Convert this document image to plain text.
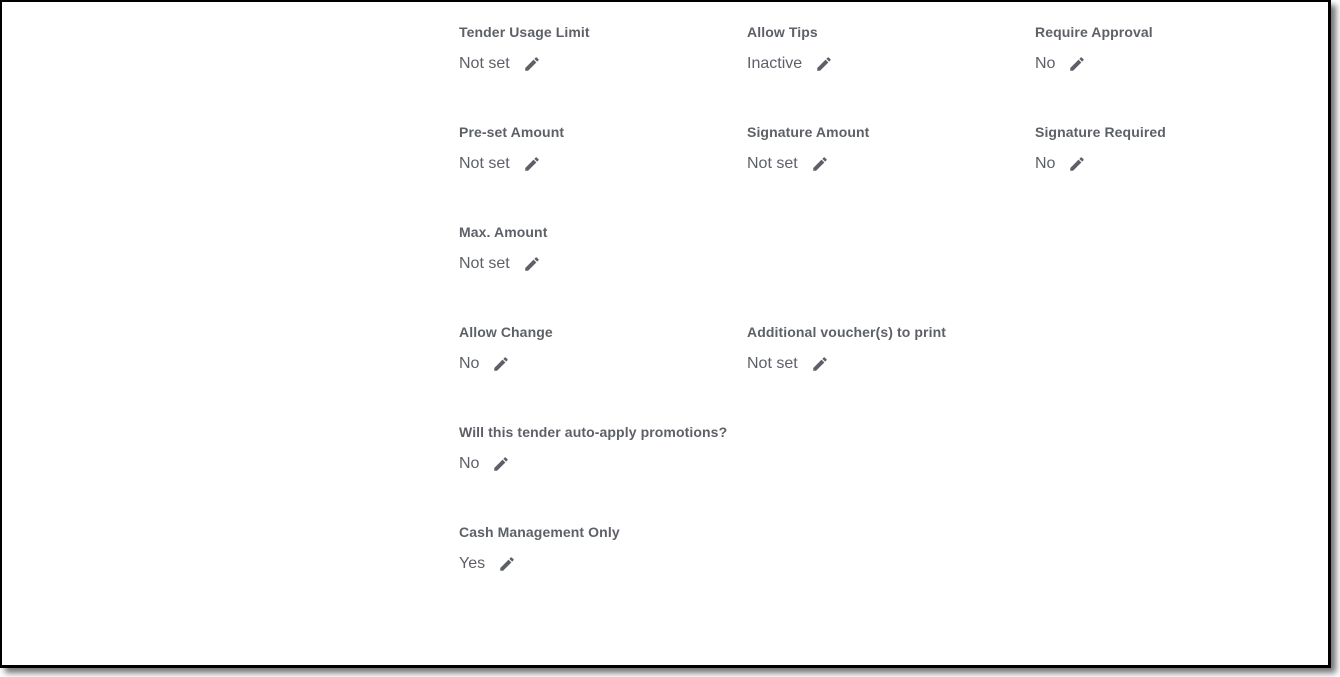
Tender Usage Limit
Not set
Allow Tips
Inactive
Require Approval
No
Pre-set Amount
Not set
Signature Amount
Not set
Signature Required
No
Max. Amount
Not set
Allow Change
No
Additional voucher(s) to print
Not set
Will this tender auto-apply promotions?
No
Cash Management Only
Yes
